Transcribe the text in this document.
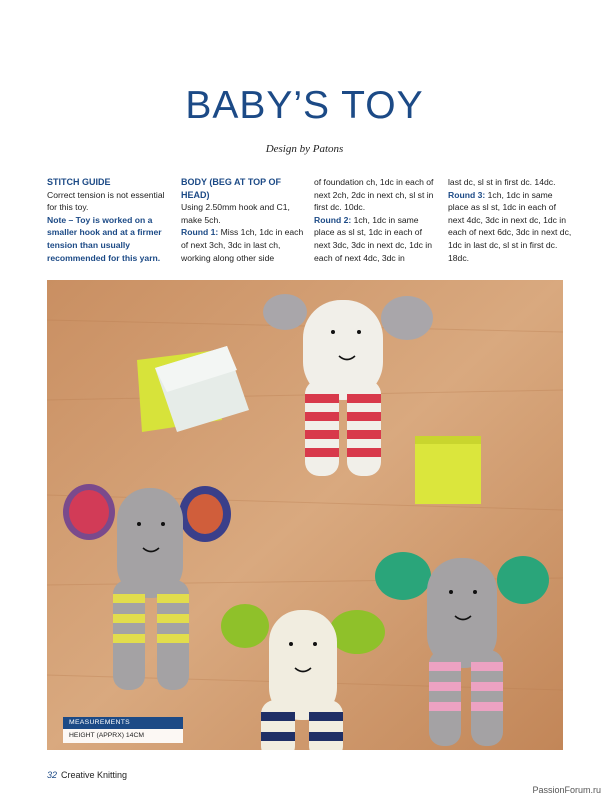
BABY’S TOY
Design by Patons
STITCH GUIDE
Correct tension is not essential for this toy.
Note – Toy is worked on a smaller hook and at a firmer tension than usually recommended for this yarn.
BODY (BEG AT TOP OF HEAD)
Using 2.50mm hook and C1, make 5ch.
Round 1: Miss 1ch, 1dc in each of next 3ch, 3dc in last ch, working along other side
of foundation ch, 1dc in each of next 2ch, 2dc in next ch, sl st in first dc. 10dc.
Round 2: 1ch, 1dc in same place as sl st, 1dc in each of next 3dc, 3dc in next dc, 1dc in each of next 4dc, 3dc in
last dc, sl st in first dc. 14dc.
Round 3: 1ch, 1dc in same place as sl st, 1dc in each of next 4dc, 3dc in next dc, 1dc in each of next 6dc, 3dc in next dc, 1dc in last dc, sl st in first dc. 18dc.
MEASUREMENTS
HEIGHT (APPRX) 14CM
32 Creative Knitting
PassionForum.ru
